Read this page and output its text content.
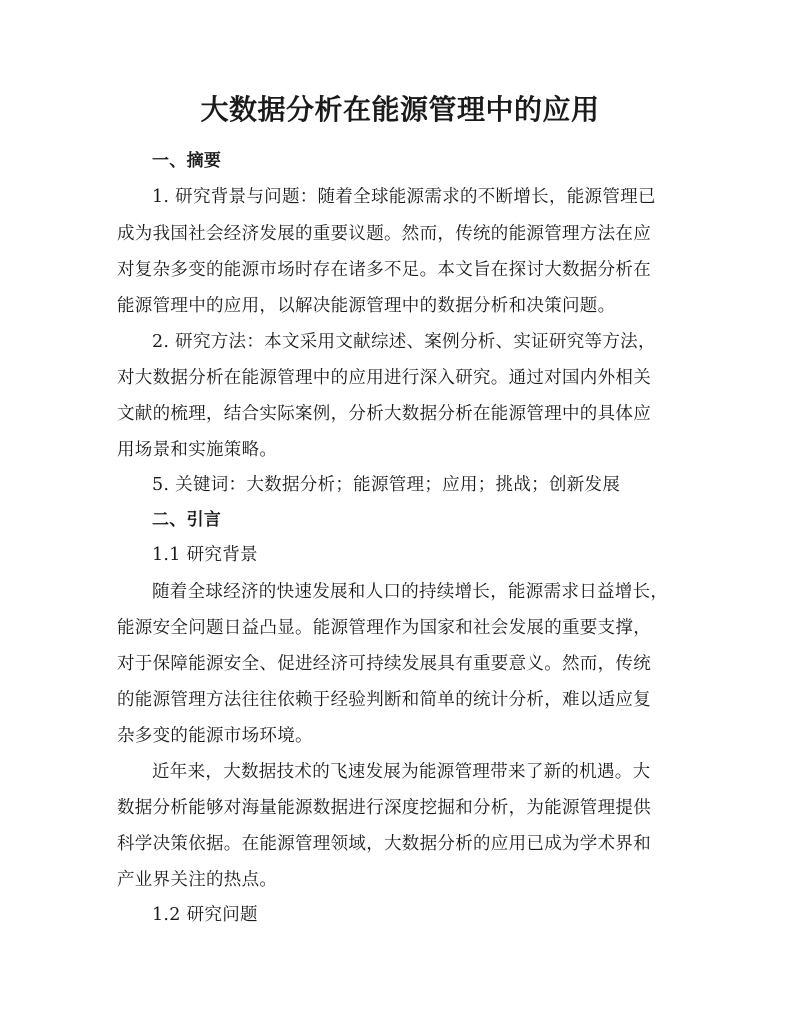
大数据分析在能源管理中的应用
一、摘要
1. 研究背景与问题：随着全球能源需求的不断增长，能源管理已
成为我国社会经济发展的重要议题。然而，传统的能源管理方法在应
对复杂多变的能源市场时存在诸多不足。本文旨在探讨大数据分析在
能源管理中的应用，以解决能源管理中的数据分析和决策问题。
2. 研究方法：本文采用文献综述、案例分析、实证研究等方法，
对大数据分析在能源管理中的应用进行深入研究。通过对国内外相关
文献的梳理，结合实际案例，分析大数据分析在能源管理中的具体应
用场景和实施策略。
5. 关键词：大数据分析；能源管理；应用；挑战；创新发展
二、引言
1.1 研究背景
随着全球经济的快速发展和人口的持续增长，能源需求日益增长，
能源安全问题日益凸显。能源管理作为国家和社会发展的重要支撑，
对于保障能源安全、促进经济可持续发展具有重要意义。然而，传统
的能源管理方法往往依赖于经验判断和简单的统计分析，难以适应复
杂多变的能源市场环境。
近年来，大数据技术的飞速发展为能源管理带来了新的机遇。大
数据分析能够对海量能源数据进行深度挖掘和分析，为能源管理提供
科学决策依据。在能源管理领域，大数据分析的应用已成为学术界和
产业界关注的热点。
1.2 研究问题
